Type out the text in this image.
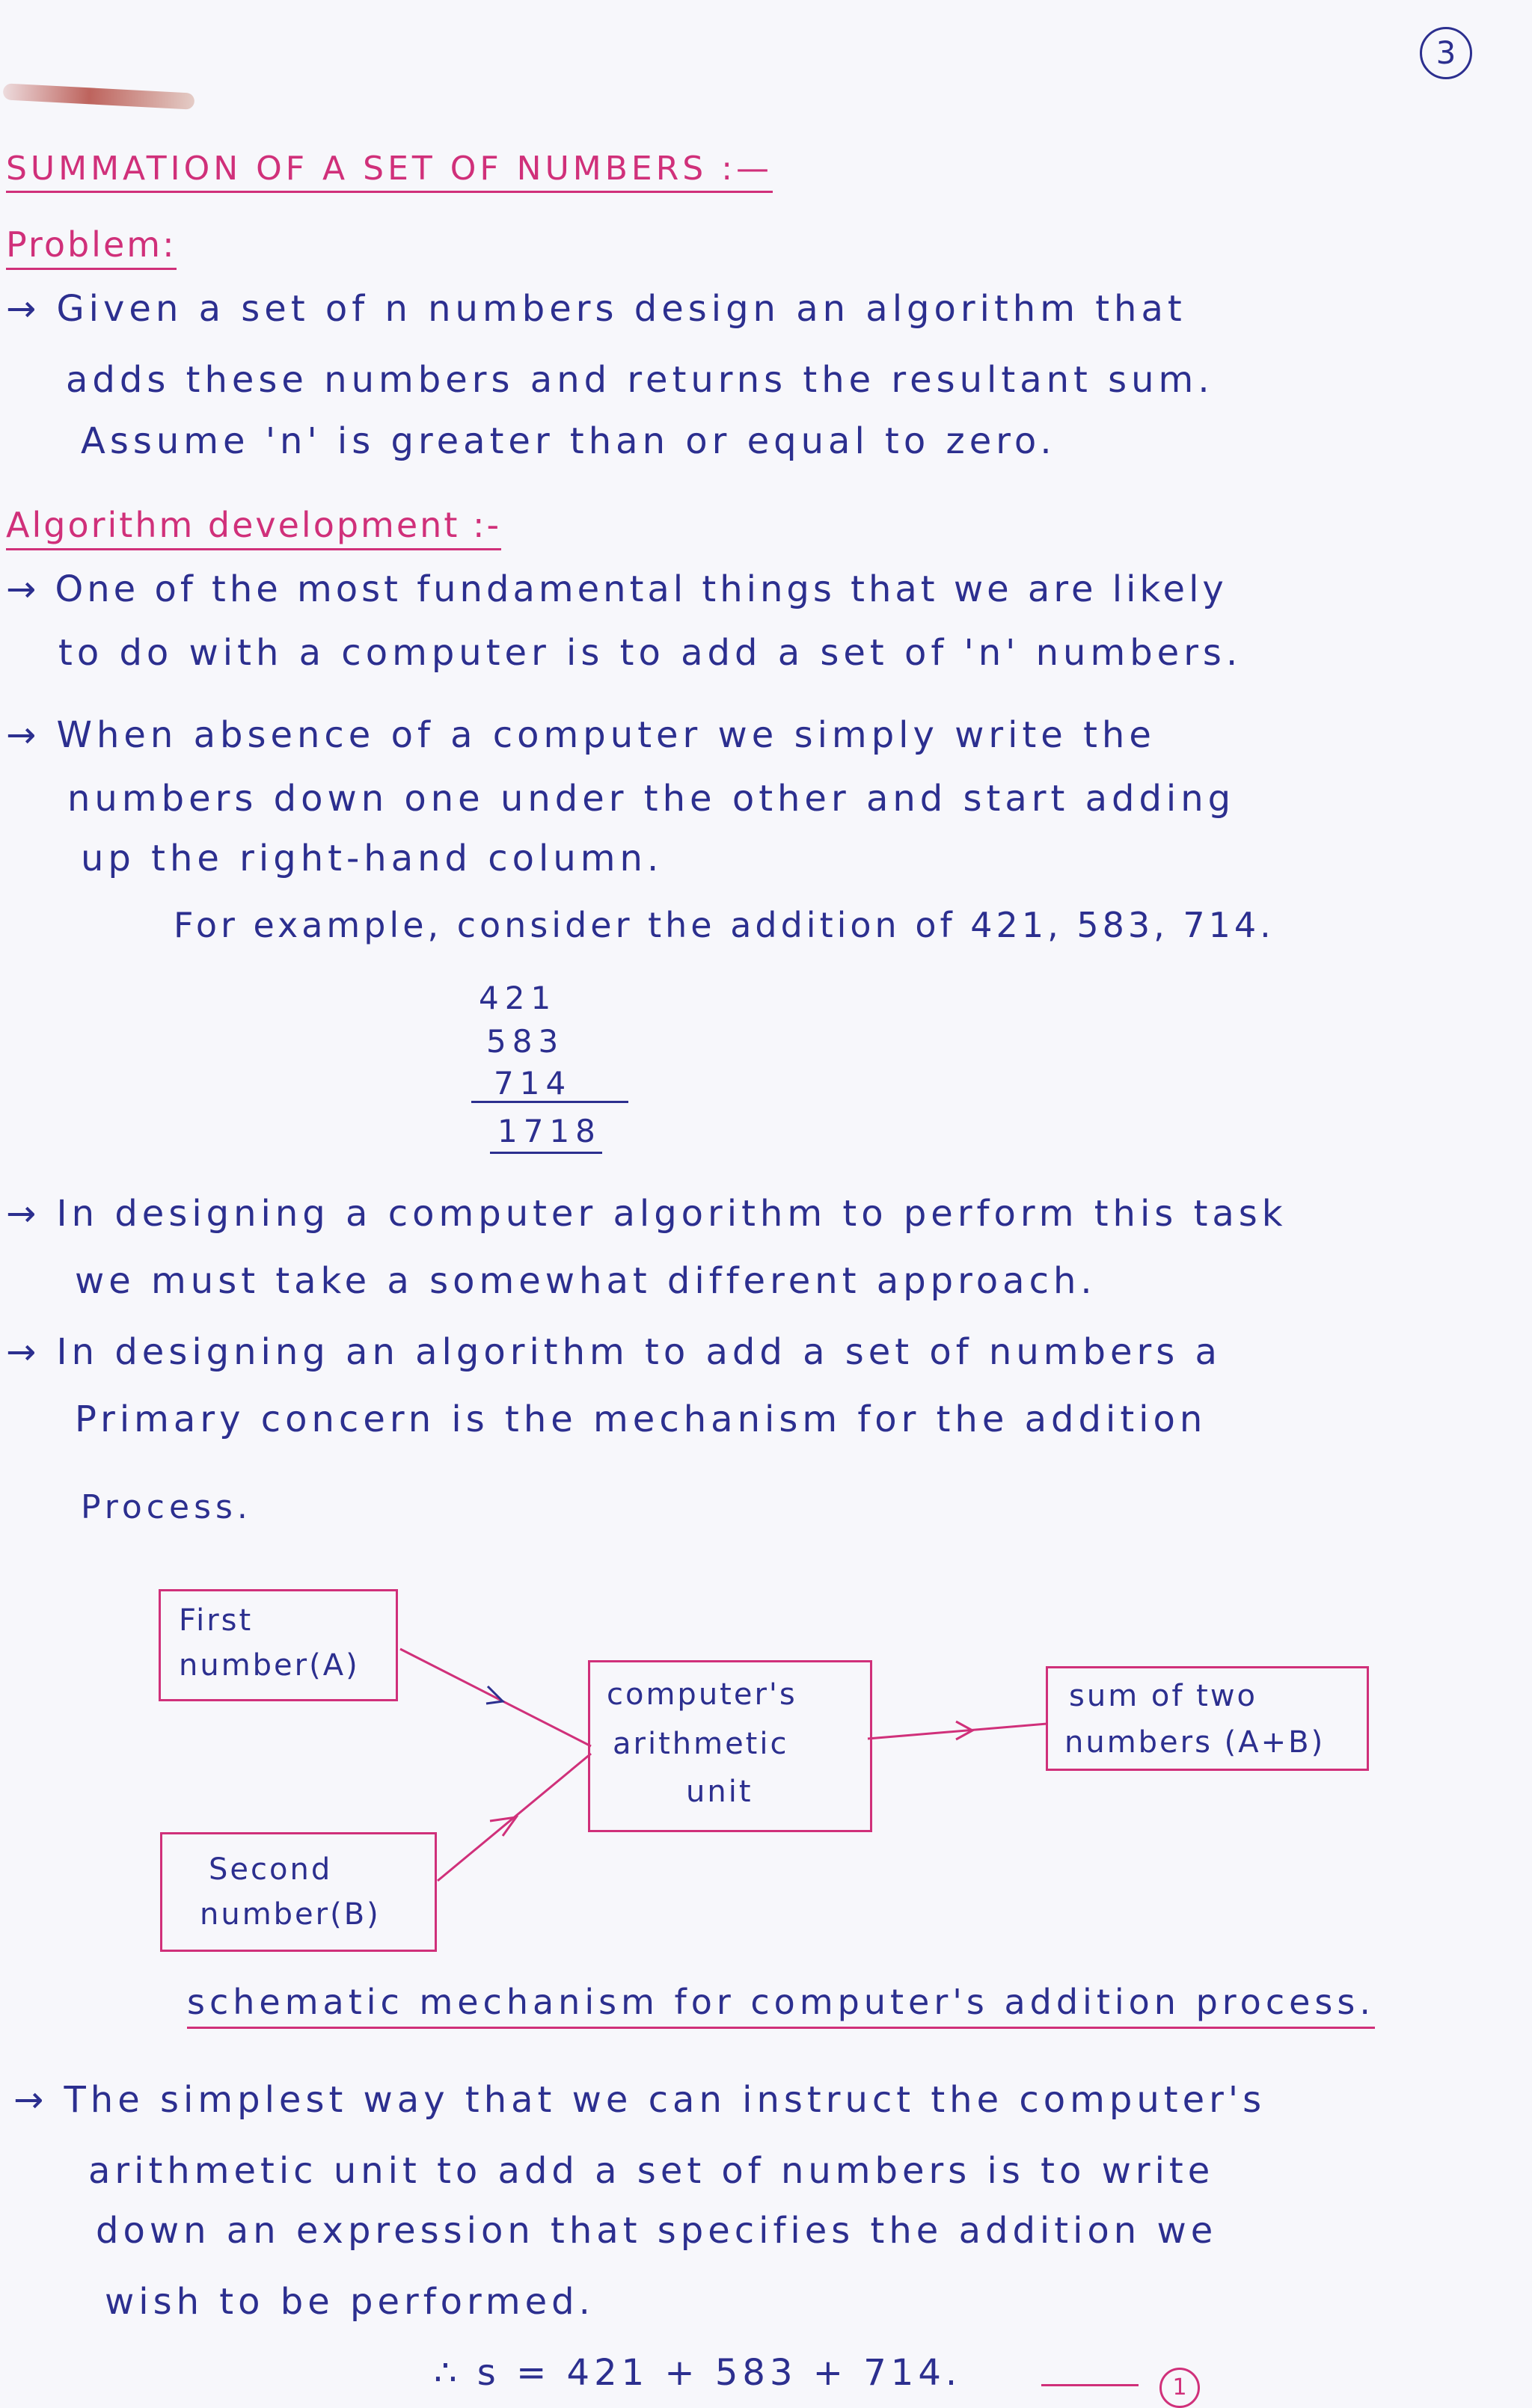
3
SUMMATION OF A SET OF NUMBERS :—
Problem:
→ Given a set of n numbers design an algorithm that
adds these numbers and returns the resultant sum.
Assume 'n' is greater than or equal to zero.
Algorithm development :-
→ One of the most fundamental things that we are likely
to do with a computer is to add a set of 'n' numbers.
→ When absence of a computer we simply write the
numbers down one under the other and start adding
up the right-hand column.
For example, consider the addition of 421, 583, 714.
421
583
714
1718
→ In designing a computer algorithm to perform this task
we must take a somewhat different approach.
→ In designing an algorithm to add a set of numbers a
Primary concern is the mechanism for the addition
Process.
First
number(A)
Second
number(B)
computer's
arithmetic
unit
sum of two
numbers (A+B)
schematic mechanism for computer's addition process.
→ The simplest way that we can instruct the computer's
arithmetic unit to add a set of numbers is to write
down an expression that specifies the addition we
wish to be performed.
∴ s = 421 + 583 + 714.	1
